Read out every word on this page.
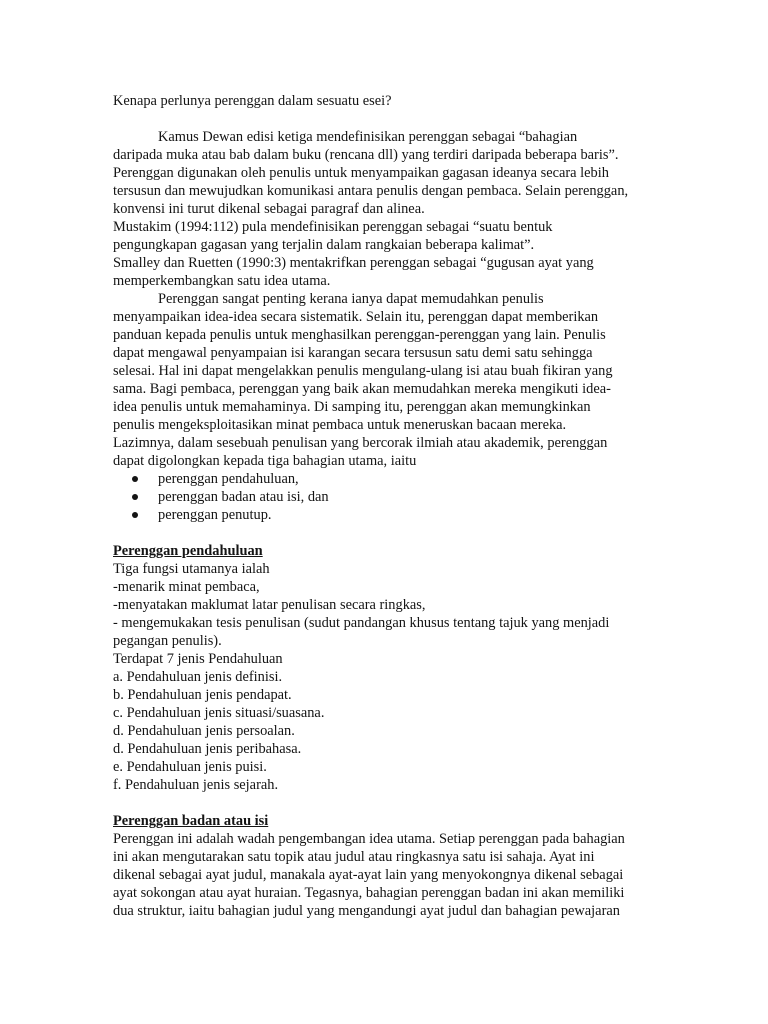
Kenapa perlunya perenggan dalam sesuatu esei?
Kamus Dewan edisi ketiga mendefinisikan perenggan sebagai “bahagian
daripada muka atau bab dalam buku (rencana dll) yang terdiri daripada beberapa baris”.
Perenggan digunakan oleh penulis untuk menyampaikan gagasan ideanya secara lebih
tersusun dan mewujudkan komunikasi antara penulis dengan pembaca. Selain perenggan,
konvensi ini turut dikenal sebagai paragraf dan alinea.
Mustakim (1994:112) pula mendefinisikan perenggan sebagai “suatu bentuk
pengungkapan gagasan yang terjalin dalam rangkaian beberapa kalimat”.
Smalley dan Ruetten (1990:3) mentakrifkan perenggan sebagai “gugusan ayat yang
memperkembangkan satu idea utama.
Perenggan sangat penting kerana ianya dapat memudahkan penulis
menyampaikan idea-idea secara sistematik. Selain itu, perenggan dapat memberikan
panduan kepada penulis untuk menghasilkan perenggan-perenggan yang lain. Penulis
dapat mengawal penyampaian isi karangan secara tersusun satu demi satu sehingga
selesai. Hal ini dapat mengelakkan penulis mengulang-ulang isi atau buah fikiran yang
sama. Bagi pembaca, perenggan yang baik akan memudahkan mereka mengikuti idea-
idea penulis untuk memahaminya. Di samping itu, perenggan akan memungkinkan
penulis mengeksploitasikan minat pembaca untuk meneruskan bacaan mereka.
Lazimnya, dalam sesebuah penulisan yang bercorak ilmiah atau akademik, perenggan
dapat digolongkan kepada tiga bahagian utama, iaitu
perenggan pendahuluan,
perenggan badan atau isi, dan
perenggan penutup.
Perenggan pendahuluan
Tiga fungsi utamanya ialah
-menarik minat pembaca,
-menyatakan maklumat latar penulisan secara ringkas,
- mengemukakan tesis penulisan (sudut pandangan khusus tentang tajuk yang menjadi
pegangan penulis).
Terdapat 7 jenis Pendahuluan
a. Pendahuluan jenis definisi.
b. Pendahuluan jenis pendapat.
c. Pendahuluan jenis situasi/suasana.
d. Pendahuluan jenis persoalan.
d. Pendahuluan jenis peribahasa.
e. Pendahuluan jenis puisi.
f. Pendahuluan jenis sejarah.
Perenggan badan atau isi
Perenggan ini adalah wadah pengembangan idea utama. Setiap perenggan pada bahagian
ini akan mengutarakan satu topik atau judul atau ringkasnya satu isi sahaja. Ayat ini
dikenal sebagai ayat judul, manakala ayat-ayat lain yang menyokongnya dikenal sebagai
ayat sokongan atau ayat huraian. Tegasnya, bahagian perenggan badan ini akan memiliki
dua struktur, iaitu bahagian judul yang mengandungi ayat judul dan bahagian pewajaran
